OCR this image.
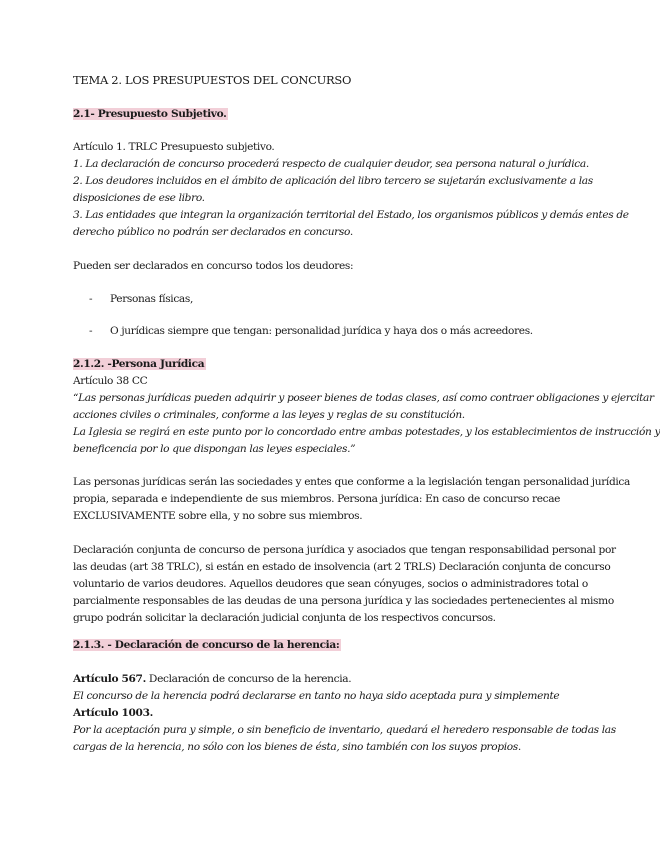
TEMA 2. LOS PRESUPUESTOS DEL CONCURSO
2.1- Presupuesto Subjetivo.
Artículo 1. TRLC Presupuesto subjetivo.
1. La declaración de concurso procederá respecto de cualquier deudor, sea persona natural o jurídica.
2. Los deudores incluidos en el ámbito de aplicación del libro tercero se sujetarán exclusivamente a las
disposiciones de ese libro.
3. Las entidades que integran la organización territorial del Estado, los organismos públicos y demás entes de
derecho público no podrán ser declarados en concurso.
Pueden ser declarados en concurso todos los deudores:
- Personas físicas,
- O jurídicas siempre que tengan: personalidad jurídica y haya dos o más acreedores.
2.1.2. -Persona Jurídica
Artículo 38 CC
“Las personas jurídicas pueden adquirir y poseer bienes de todas clases, así como contraer obligaciones y ejercitar
acciones civiles o criminales, conforme a las leyes y reglas de su constitución.
La Iglesia se regirá en este punto por lo concordado entre ambas potestades, y los establecimientos de instrucción y
beneficencia por lo que dispongan las leyes especiales.”
Las personas jurídicas serán las sociedades y entes que conforme a la legislación tengan personalidad jurídica
propia, separada e independiente de sus miembros. Persona jurídica: En caso de concurso recae
EXCLUSIVAMENTE sobre ella, y no sobre sus miembros.
Declaración conjunta de concurso de persona jurídica y asociados que tengan responsabilidad personal por
las deudas (art 38 TRLC), si están en estado de insolvencia (art 2 TRLS) Declaración conjunta de concurso
voluntario de varios deudores. Aquellos deudores que sean cónyuges, socios o administradores total o
parcialmente responsables de las deudas de una persona jurídica y las sociedades pertenecientes al mismo
grupo podrán solicitar la declaración judicial conjunta de los respectivos concursos.
2.1.3. - Declaración de concurso de la herencia:
Artículo 567. Declaración de concurso de la herencia.
El concurso de la herencia podrá declararse en tanto no haya sido aceptada pura y simplemente
Artículo 1003.
Por la aceptación pura y simple, o sin beneficio de inventario, quedará el heredero responsable de todas las
cargas de la herencia, no sólo con los bienes de ésta, sino también con los suyos propios.
